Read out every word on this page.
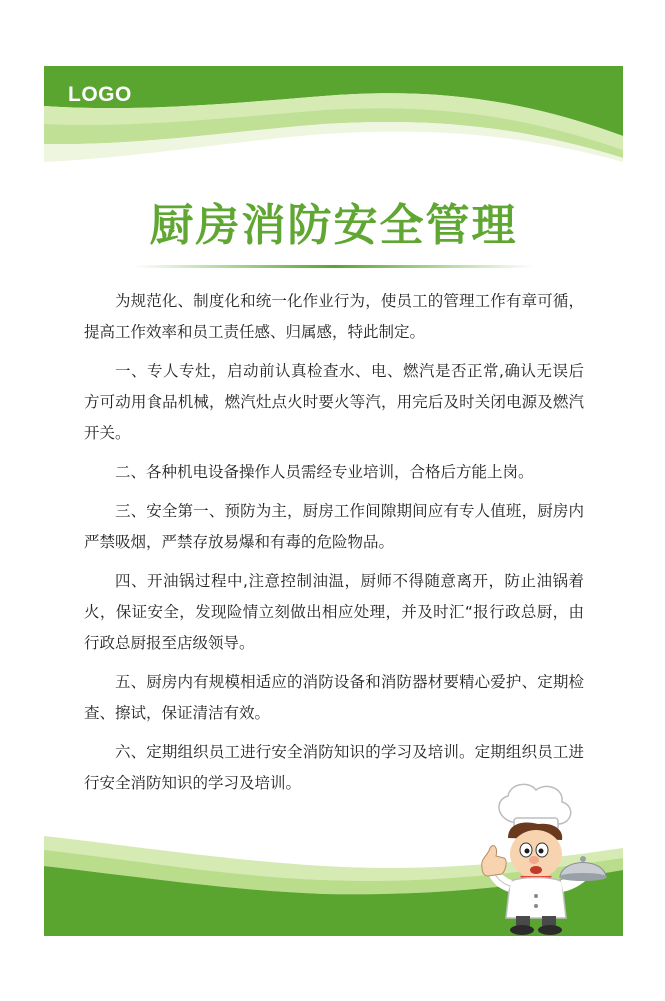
LOGO
厨房消防安全管理

为规范化、制度化和统一化作业行为，使员工的管理工作有章可循，提高工作效率和员工责任感、归属感，特此制定。

一、专人专灶，启动前认真检查水、电、燃汽是否正常,确认无误后方可动用食品机械，燃汽灶点火时要火等汽，用完后及时关闭电源及燃汽开关。

二、各种机电设备操作人员需经专业培训，合格后方能上岗。

三、安全第一、预防为主，厨房工作间隙期间应有专人值班，厨房内严禁吸烟，严禁存放易爆和有毒的危险物品。

四、开油锅过程中,注意控制油温，厨师不得随意离开，防止油锅着火，保证安全，发现险情立刻做出相应处理，并及时汇“报行政总厨，由行政总厨报至店级领导。

五、厨房内有规模相适应的消防设备和消防器材要精心爱护、定期检查、擦试，保证清洁有效。

六、定期组织员工进行安全消防知识的学习及培训。定期组织员工进行安全消防知识的学习及培训。
